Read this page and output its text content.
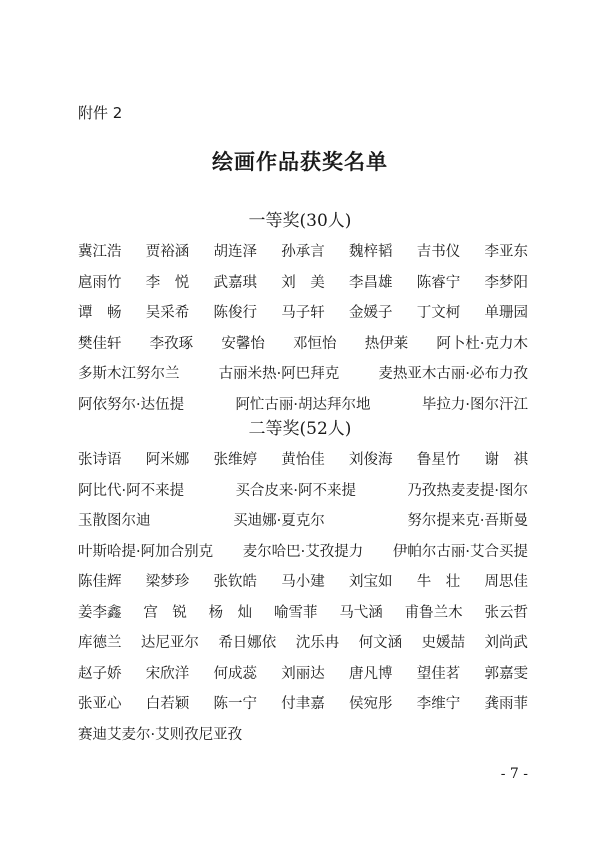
附件 2
绘画作品获奖名单
一等奖(30人)
冀江浩 贾裕涵 胡连泽 孙承言 魏梓韬 吉书仪 李亚东
扈雨竹 李　悦 武嘉琪 刘　美 李昌雄 陈睿宁 李梦阳
谭　畅 吴采希 陈俊行 马子轩 金媛子 丁文柯 单珊园
樊佳轩 李孜琢 安馨怡 邓恒怡 热伊莱 阿卜杜·克力木
多斯木江努尔兰	古丽米热·阿巴拜克	麦热亚木古丽·必布力孜
阿依努尔·达伍提	阿忙古丽·胡达拜尔地	毕拉力·图尔汗江
二等奖(52人)
张诗语 阿米娜 张维婷 黄怡佳 刘俊海 鲁星竹 谢　祺
阿比代·阿不来提	买合皮来·阿不来提	乃孜热麦麦提·图尔
玉散图尔迪	买迪娜·夏克尔	努尔提来克·吾斯曼
叶斯哈提·阿加合别克 麦尔哈巴·艾孜提力 伊帕尔古丽·艾合买提
陈佳辉 梁梦珍 张钦皓 马小建 刘宝如 牛　壮 周思佳
姜李鑫 宫　锐 杨　灿 喻雪菲 马弋涵 甫鲁兰木 张云哲
库德兰 达尼亚尔 希日娜依 沈乐冉 何文涵 史媛喆 刘尚武
赵子娇 宋欣洋 何成蕊 刘丽达 唐凡博 望佳茗 郭嘉雯
张亚心 白若颖 陈一宁 付聿嘉 侯宛彤 李维宁 龚雨菲
赛迪艾麦尔·艾则孜尼亚孜
- 7 -
